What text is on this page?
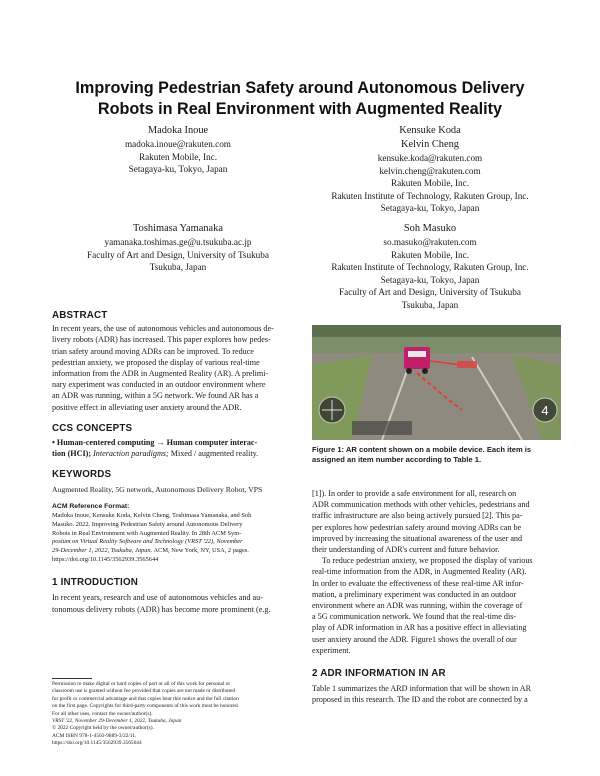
Improving Pedestrian Safety around Autonomous Delivery
Robots in Real Environment with Augmented Reality
Madoka Inoue
madoka.inoue@rakuten.com
Rakuten Mobile, Inc.
Setagaya-ku, Tokyo, Japan
Kensuke Koda
Kelvin Cheng
kensuke.koda@rakuten.com
kelvin.cheng@rakuten.com
Rakuten Mobile, Inc.
Rakuten Institute of Technology, Rakuten Group, Inc.
Setagaya-ku, Tokyo, Japan
Toshimasa Yamanaka
yamanaka.toshimas.ge@u.tsukuba.ac.jp
Faculty of Art and Design, University of Tsukuba
Tsukuba, Japan
Soh Masuko
so.masuko@rakuten.com
Rakuten Mobile, Inc.
Rakuten Institute of Technology, Rakuten Group, Inc.
Setagaya-ku, Tokyo, Japan
Faculty of Art and Design, University of Tsukuba
Tsukuba, Japan
ABSTRACT
In recent years, the use of autonomous vehicles and autonomous de-
livery robots (ADR) has increased. This paper explores how pedes-
trian safety around moving ADRs can be improved. To reduce
pedestrian anxiety, we proposed the display of various real-time
information from the ADR in Augmented Reality (AR). A prelimi-
nary experiment was conducted in an outdoor environment where
an ADR was running, within a 5G network. We found AR has a
positive effect in alleviating user anxiety around the ADR.
CCS CONCEPTS
• Human-centered computing → Human computer interac-
tion (HCI); Interaction paradigms; Mixed / augmented reality.
KEYWORDS
Augmented Reality, 5G network, Autonomous Delivery Robot, VPS
ACM Reference Format:
Madoka Inoue, Kensuke Koda, Kelvin Cheng, Toshimasa Yamanaka, and Soh
Masuko. 2022. Improving Pedestrian Safety around Autonomous Delivery
Robots in Real Environment with Augmented Reality. In 28th ACM Sym-
posium on Virtual Reality Software and Technology (VRST '22), November
29-December 1, 2022, Tsukuba, Japan. ACM, New York, NY, USA, 2 pages.
https://doi.org/10.1145/3562939.3565644
1 INTRODUCTION
In recent years, research and use of autonomous vehicles and au-
tonomous delivery robots (ADR) has become more prominent (e.g.
Permission to make digital or hard copies of part or all of this work for personal or
classroom use is granted without fee provided that copies are not made or distributed
for profit or commercial advantage and that copies bear this notice and the full citation
on the first page. Copyrights for third-party components of this work must be honored.
For all other uses, contact the owner/author(s).
VRST '22, November 29-December 1, 2022, Tsukuba, Japan
© 2022 Copyright held by the owner/author(s).
ACM ISBN 978-1-4503-9889-3/22/11.
https://doi.org/10.1145/3562939.3565644
4
Figure 1: AR content shown on a mobile device. Each item is
assigned an item number according to Table 1.
[1]). In order to provide a safe environment for all, research on
ADR communication methods with other vehicles, pedestrians and
traffic infrastructure are also being actively pursued [2]. This pa-
per explores how pedestrian safety around moving ADRs can be
improved by increasing the situational awareness of the user and
their understanding of ADR's current and future behavior.
To reduce pedestrian anxiety, we proposed the display of various
real-time information from the ADR, in Augmented Reality (AR).
In order to evaluate the effectiveness of these real-time AR infor-
mation, a preliminary experiment was conducted in an outdoor
environment where an ADR was running, within the coverage of
a 5G communication network. We found that the real-time dis-
play of ADR information in AR has a positive effect in alleviating
user anxiety around the ADR. Figure1 shows the overall of our
experiment.
2 ADR INFORMATION IN AR
Table 1 summarizes the ARD information that will be shown in AR
proposed in this research. The ID and the robot are connected by a
